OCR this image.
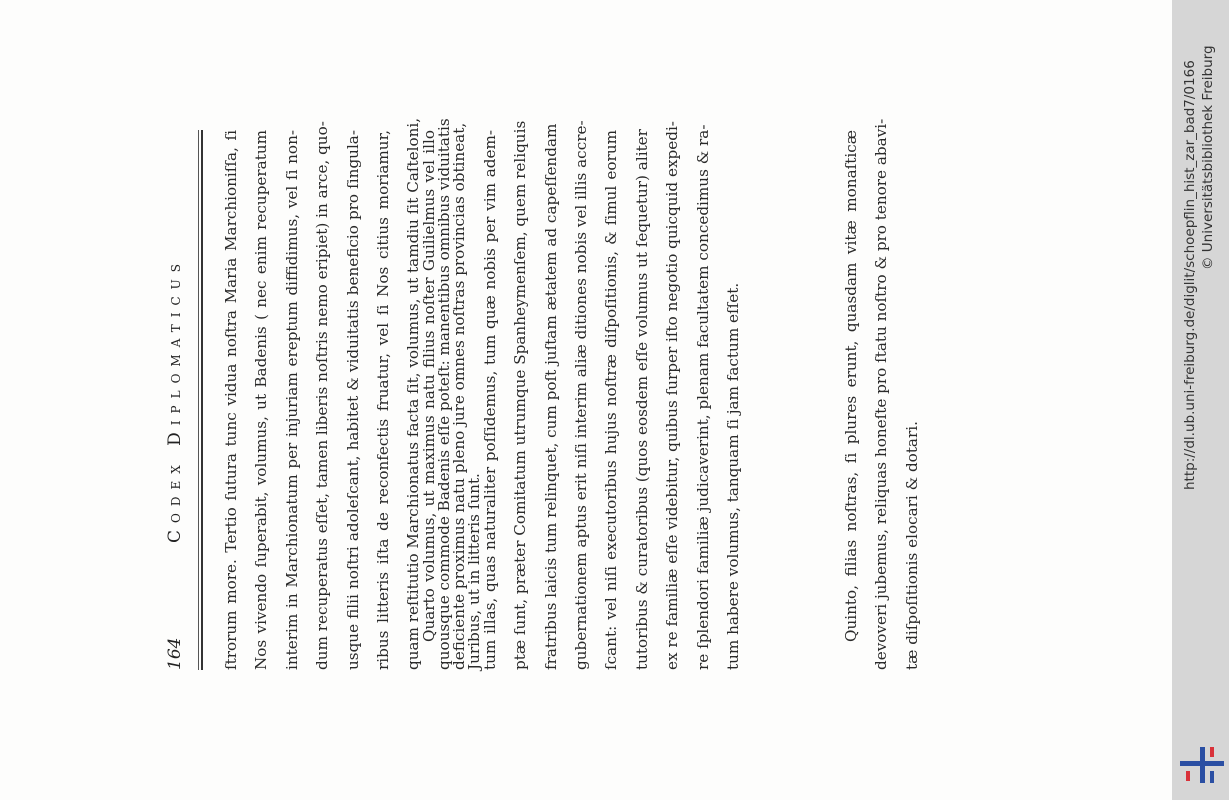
164
Codex Diplomaticus	ſtrorum more. Tertio ſutura tunc vidua noſtra Maria Marchioniſſa, ſi Nos vivendo ſuperabit, volumus, ut Badenis ( nec enim recuperatum interim in Marchionatum per injuriam ereptum diffidimus, vel ſi non- dum recuperatus eſſet, tamen liberis noſtris nemo eripiet) in arce, quo- usque filii noſtri adoleſcant, habitet & viduitatis beneficio pro ſingula- ribus litteris iſta de reconfectis fruatur, vel ſi Nos citius moriamur, quam reſtitutio Marchionatus facta ſit, volumus, ut tamdiu ſit Caſteloni, quousque commode Badenis eſſe poteſt: manentibus omnibus viduitatis Juribus, ut in litteris ſunt.
Quarto volumus, ut maximus natu filius noſter Guilielmus vel illo deficiente proximus natu pleno jure omnes noſtras provincias obtineat, tum illas, quas naturaliter poſſidemus, tum quæ nobis per vim adem- ptæ ſunt, præter Comitatum utrumque Spanheymenſem, quem reliquis fratribus laicis tum relinquet, cum poſt juſtam ætatem ad capeſſendam gubernationem aptus erit niſi interim aliæ ditiones nobis vel illis accre- ſcant: vel niſi executoribus hujus noſtræ diſpoſitionis, & ſimul eorum tutoribus & curatoribus (quos eosdem eſſe volumus ut ſequetur) aliter ex re familiæ eſſe videbitur, quibus ſurper iſto negotio quicquid expedi- re ſplendori familiæ judicaverint, plenam facultatem concedimus & ra- tum habere volumus, tanquam ſi jam factum eſſet.	Quinto, filias noſtras, ſi plures erunt, quasdam vitæ monaſticæ devoveri jubemus, reliquas honeſte pro ſtatu noſtro & pro tenore abavi- tæ diſpoſitionis elocari & dotari.
http://dl.ub.uni-freiburg.de/diglit/schoepflin_hist_zar_bad7/0166 © Universitätsbibliothek Freiburg
